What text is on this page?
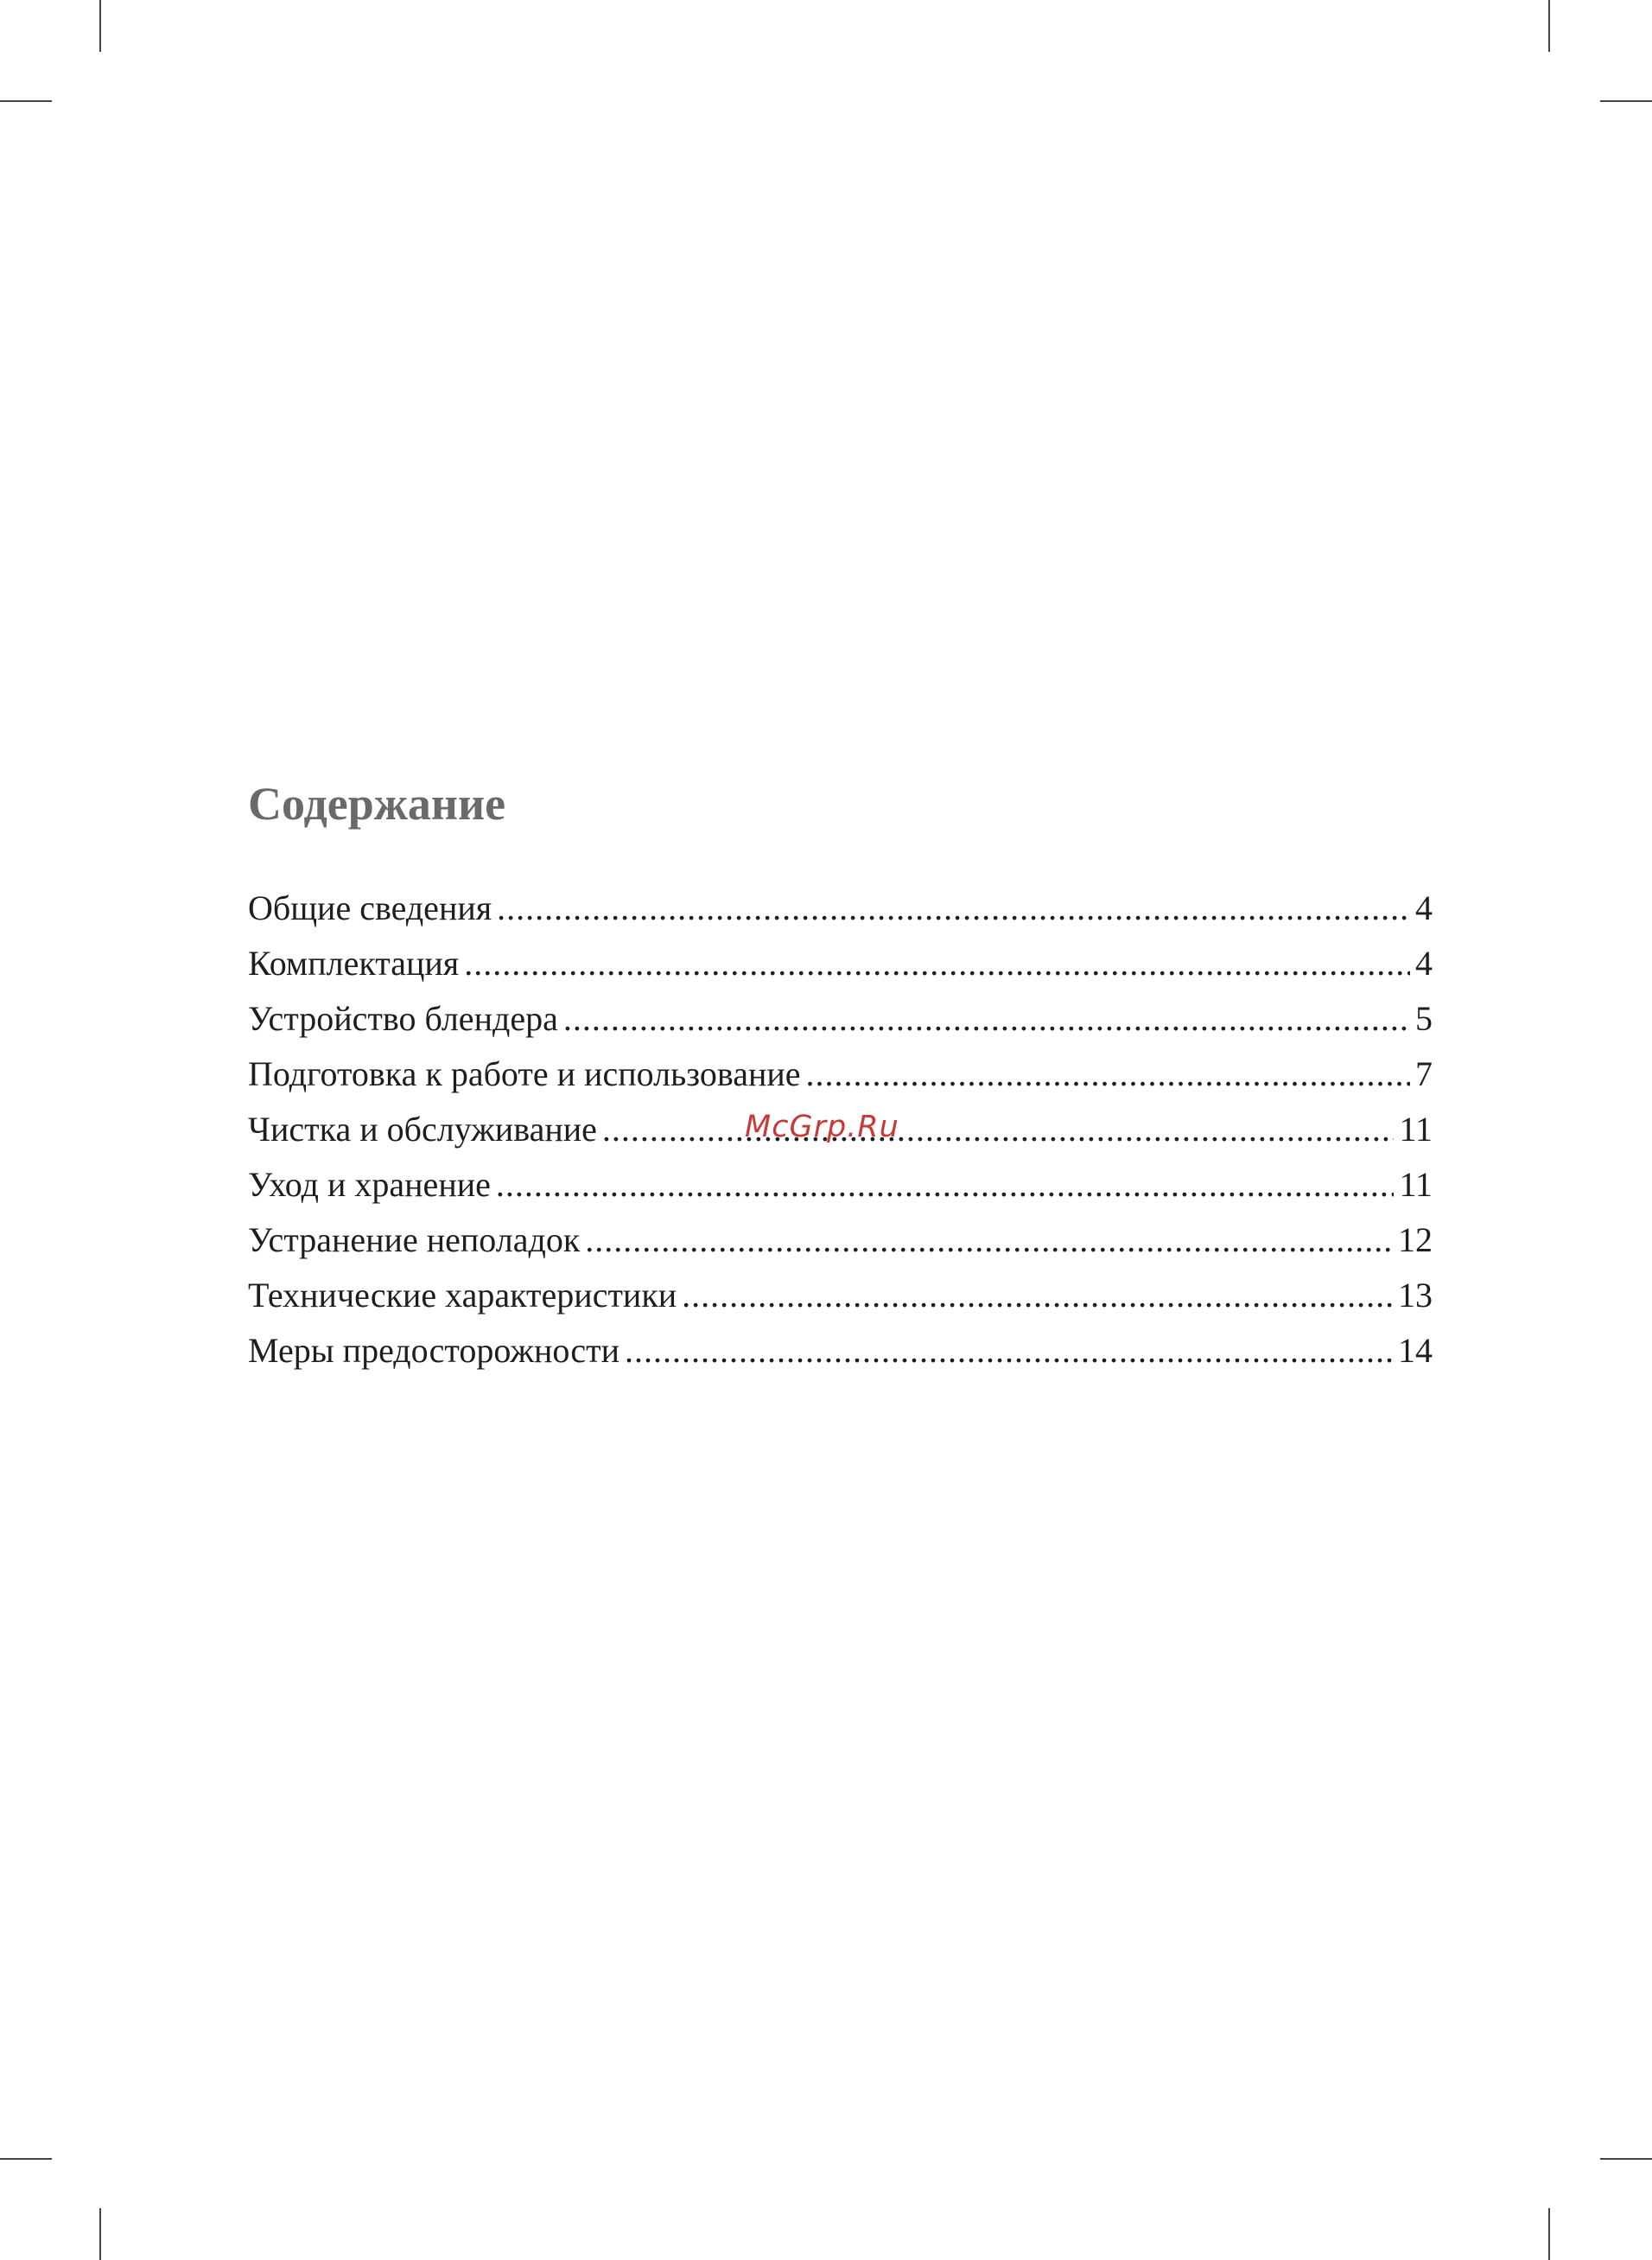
Содержание
Общие сведения .....	4
Комплектация .....	4
Устройство блендера .....	5
Подготовка к работе и использование .....	7
Чистка и обслуживание .....	11
Уход и хранение .....	11
Устранение неполадок .....	12
Технические характеристики .....	13
Меры предосторожности .....	14
McGrp.Ru
